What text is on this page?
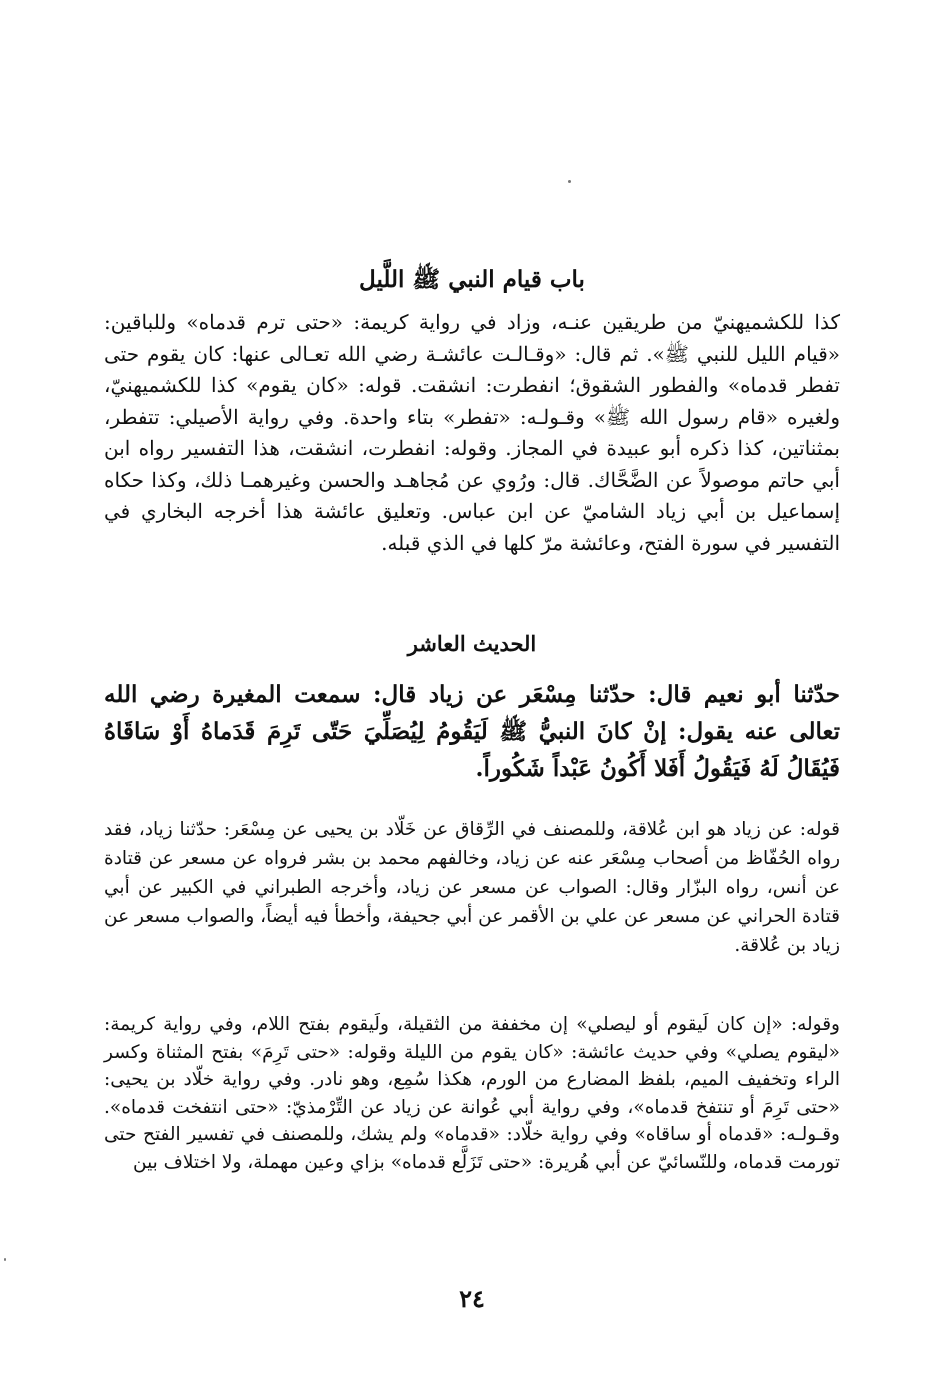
باب قيام النبي ﷺ اللَّيل

كذا للكشميهنيّ من طريقين عنـه، وزاد في رواية كريمة: «حتى ترم قدماه» وللباقين: «قيام الليل للنبي ﷺ». ثم قال: «وقـالـت عائشـة رضي الله تعـالى عنها: كان يقوم حتى تفطر قدماه» والفطور الشقوق؛ انفطرت: انشقت. قوله: «كان يقوم» كذا للكشميهنيّ، ولغيره «قام رسول الله ﷺ» وقـولـه: «تفطر» بتاء واحدة. وفي رواية الأصيلي: تتفطر، بمثناتين، كذا ذكره أبو عبيدة في المجاز. وقوله: انفطرت، انشقت، هذا التفسير رواه ابن أبي حاتم موصولاً عن الضَّحَّاك. قال: ورُوي عن مُجاهـد والحسن وغيرهمـا ذلك، وكذا حكاه إسماعيل بن أبي زياد الشاميّ عن ابن عباس. وتعليق عائشة هذا أخرجه البخاري في التفسير في سورة الفتح، وعائشة مرّ كلها في الذي قبله.

الحديث العاشر

حدّثنا أبو نعيم قال: حدّثنا مِسْعَر عن زياد قال: سمعت المغيرة رضي الله تعالى عنه يقول: إنْ كانَ النبيُّ ﷺ لَيَقُومُ لِيُصَلِّيَ حَتّى تَرِمَ قَدَماهُ أَوْ سَاقَاهُ فَيُقَالُ لَهُ فَيَقُولُ أَفَلا أَكُونُ عَبْداً شَكُوراً.

قوله: عن زياد هو ابن عُلاقة، وللمصنف في الرِّقاق عن خَلّاد بن يحيى عن مِسْعَر: حدّثنا زياد، فقد رواه الحُفّاظ من أصحاب مِسْعَر عنه عن زياد، وخالفهم محمد بن بشر فرواه عن مسعر عن قتادة عن أنس، رواه البزّار وقال: الصواب عن مسعر عن زياد، وأخرجه الطبراني في الكبير عن أبي قتادة الحراني عن مسعر عن علي بن الأقمر عن أبي جحيفة، وأخطأ فيه أيضاً، والصواب مسعر عن زياد بن عُلاقة.

وقوله: «إن كان لَيقوم أو ليصلي» إن مخففة من الثقيلة، ولَيقوم بفتح اللام، وفي رواية كريمة: «ليقوم يصلي» وفي حديث عائشة: «كان يقوم من الليلة وقوله: «حتى تَرِمَ» بفتح المثناة وكسر الراء وتخفيف الميم، بلفظ المضارع من الورم، هكذا سُمِع، وهو نادر. وفي رواية خلّاد بن يحيى: «حتى تَرِمَ أو تنتفخ قدماه»، وفي رواية أبي عُوانة عن زياد عن التِّرْمذيّ: «حتى انتفخت قدماه». وقـولـه: «قدماه أو ساقاه» وفي رواية خلّاد: «قدماه» ولم يشك، وللمصنف في تفسير الفتح حتى تورمت قدماه، وللنّسائيّ عن أبي هُريرة: «حتى تَزَلَّع قدماه» بزاي وعين مهملة، ولا اختلاف بين

٢٤
